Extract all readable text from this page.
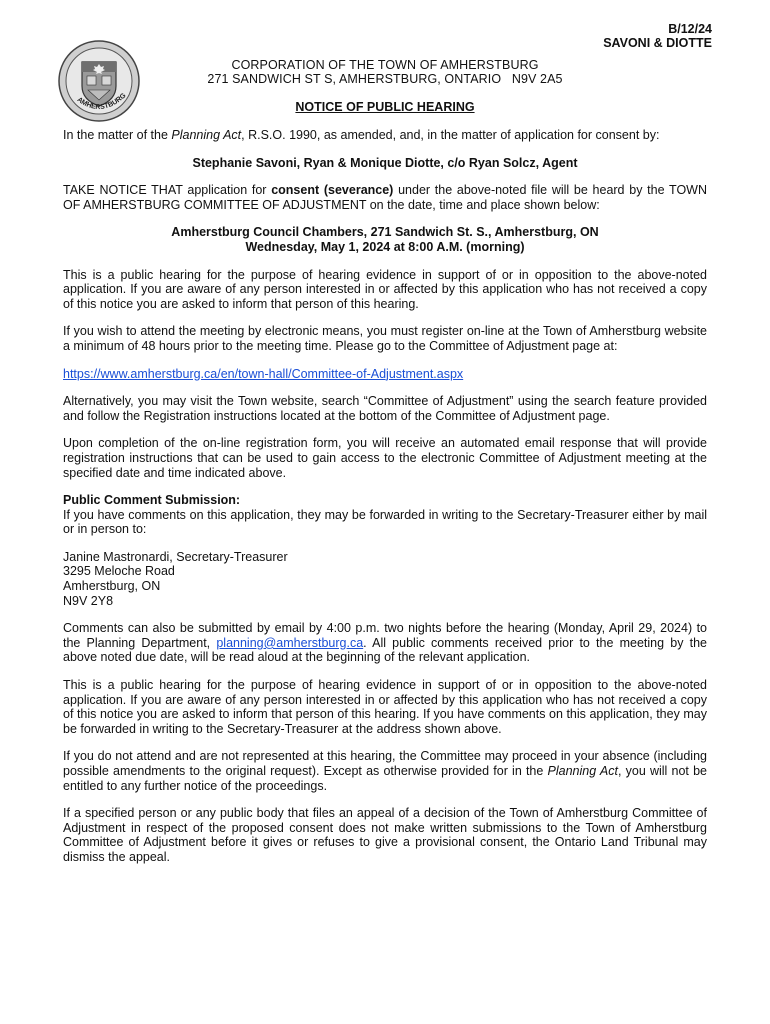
B/12/24
SAVONI & DIOTTE
AMHERSTBURG
CORPORATION OF THE TOWN OF AMHERSTBURG
271 SANDWICH ST S, AMHERSTBURG, ONTARIO   N9V 2A5
NOTICE OF PUBLIC HEARING

In the matter of the Planning Act, R.S.O. 1990, as amended, and, in the matter of application for consent by:

Stephanie Savoni, Ryan & Monique Diotte, c/o Ryan Solcz, Agent

TAKE NOTICE THAT application for consent (severance) under the above-noted file will be heard by the TOWN OF AMHERSTBURG COMMITTEE OF ADJUSTMENT on the date, time and place shown below:

Amherstburg Council Chambers, 271 Sandwich St. S., Amherstburg, ON
Wednesday, May 1, 2024 at 8:00 A.M. (morning)

This is a public hearing for the purpose of hearing evidence in support of or in opposition to the above-noted application. If you are aware of any person interested in or affected by this application who has not received a copy of this notice you are asked to inform that person of this hearing.

If you wish to attend the meeting by electronic means, you must register on-line at the Town of Amherstburg website a minimum of 48 hours prior to the meeting time. Please go to the Committee of Adjustment page at:

https://www.amherstburg.ca/en/town-hall/Committee-of-Adjustment.aspx

Alternatively, you may visit the Town website, search “Committee of Adjustment” using the search feature provided and follow the Registration instructions located at the bottom of the Committee of Adjustment page.

Upon completion of the on-line registration form, you will receive an automated email response that will provide registration instructions that can be used to gain access to the electronic Committee of Adjustment meeting at the specified date and time indicated above.

Public Comment Submission:

If you have comments on this application, they may be forwarded in writing to the Secretary-Treasurer either by mail or in person to:

Janine Mastronardi, Secretary-Treasurer

3295 Meloche Road

Amherstburg, ON

N9V 2Y8

Comments can also be submitted by email by 4:00 p.m. two nights before the hearing (Monday, April 29, 2024) to the Planning Department, planning@amherstburg.ca. All public comments received prior to the meeting by the above noted due date, will be read aloud at the beginning of the relevant application.

This is a public hearing for the purpose of hearing evidence in support of or in opposition to the above-noted application. If you are aware of any person interested in or affected by this application who has not received a copy of this notice you are asked to inform that person of this hearing. If you have comments on this application, they may be forwarded in writing to the Secretary-Treasurer at the address shown above.

If you do not attend and are not represented at this hearing, the Committee may proceed in your absence (including possible amendments to the original request). Except as otherwise provided for in the Planning Act, you will not be entitled to any further notice of the proceedings.

If a specified person or any public body that files an appeal of a decision of the Town of Amherstburg Committee of Adjustment in respect of the proposed consent does not make written submissions to the Town of Amherstburg Committee of Adjustment before it gives or refuses to give a provisional consent, the Ontario Land Tribunal may dismiss the appeal.
